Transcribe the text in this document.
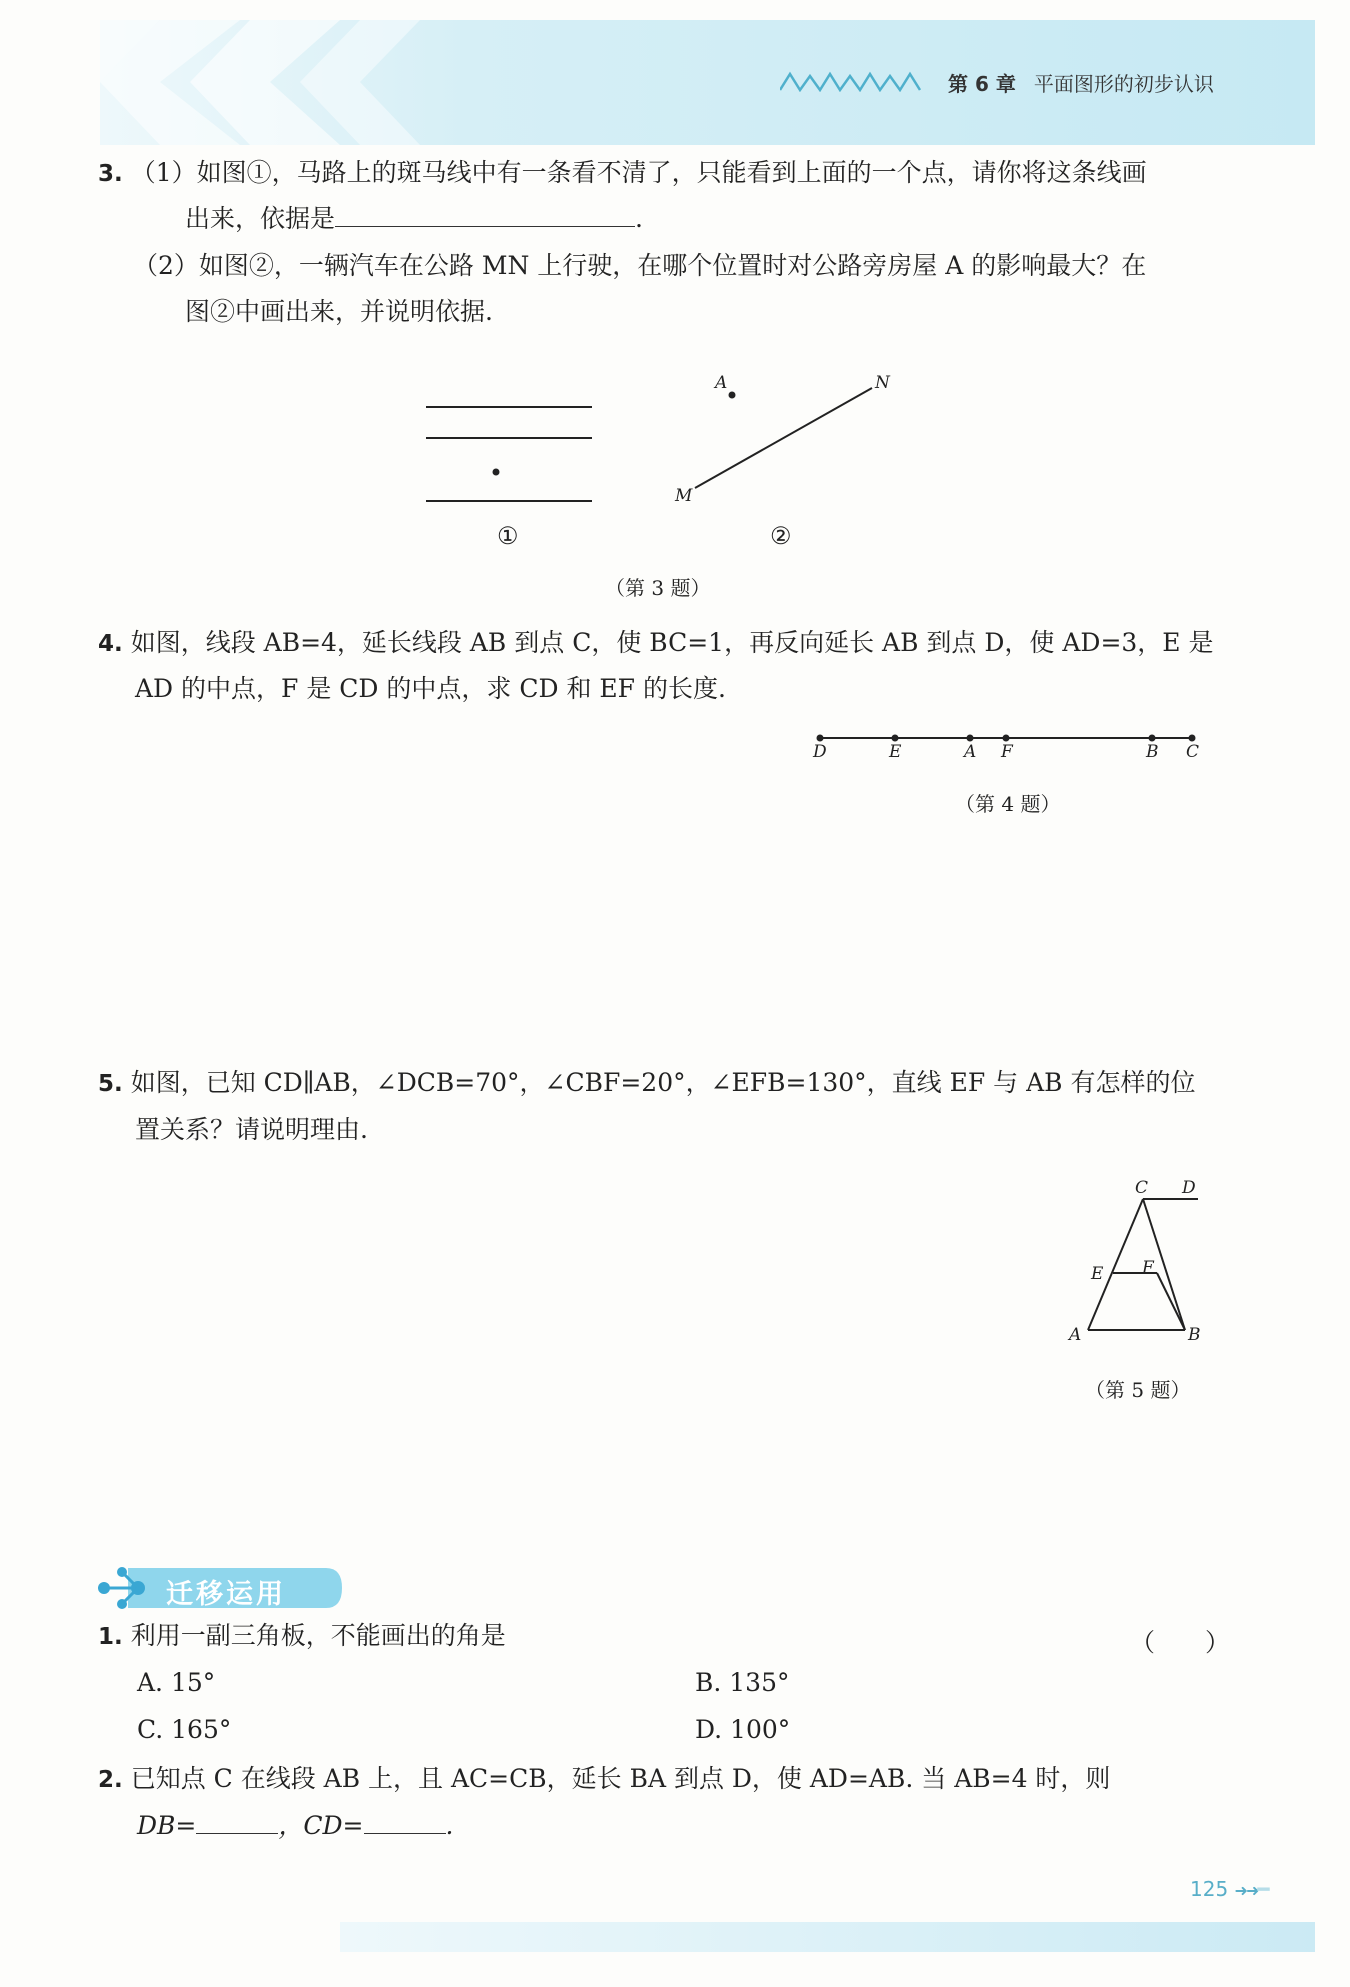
第 6 章 平面图形的初步认识
3. （1）如图①，马路上的斑马线中有一条看不清了，只能看到上面的一个点，请你将这条线画
出来，依据是	.
（2）如图②，一辆汽车在公路 MN 上行驶，在哪个位置时对公路旁房屋 A 的影响最大？在
图②中画出来，并说明依据.
①
A	N
M
②
（第 3 题）
4. 如图，线段 AB=4，延长线段 AB 到点 C，使 BC=1，再反向延长 AB 到点 D，使 AD=3，E 是
AD 的中点，F 是 CD 的中点，求 CD 和 EF 的长度.
D	E	A F	B C
（第 4 题）
5. 如图，已知 CD∥AB，∠DCB=70°，∠CBF=20°，∠EFB=130°，直线 EF 与 AB 有怎样的位
置关系？请说明理由.
C D
E F
A	B
（第 5 题）
迁移运用
1. 利用一副三角板，不能画出的角是	（　　）
A. 15°	B. 135°
C. 165°	D. 100°
2. 已知点 C 在线段 AB 上，且 AC=CB，延长 BA 到点 D，使 AD=AB. 当 AB=4 时，则
DB=	，CD=	.
125 ➜➜━
